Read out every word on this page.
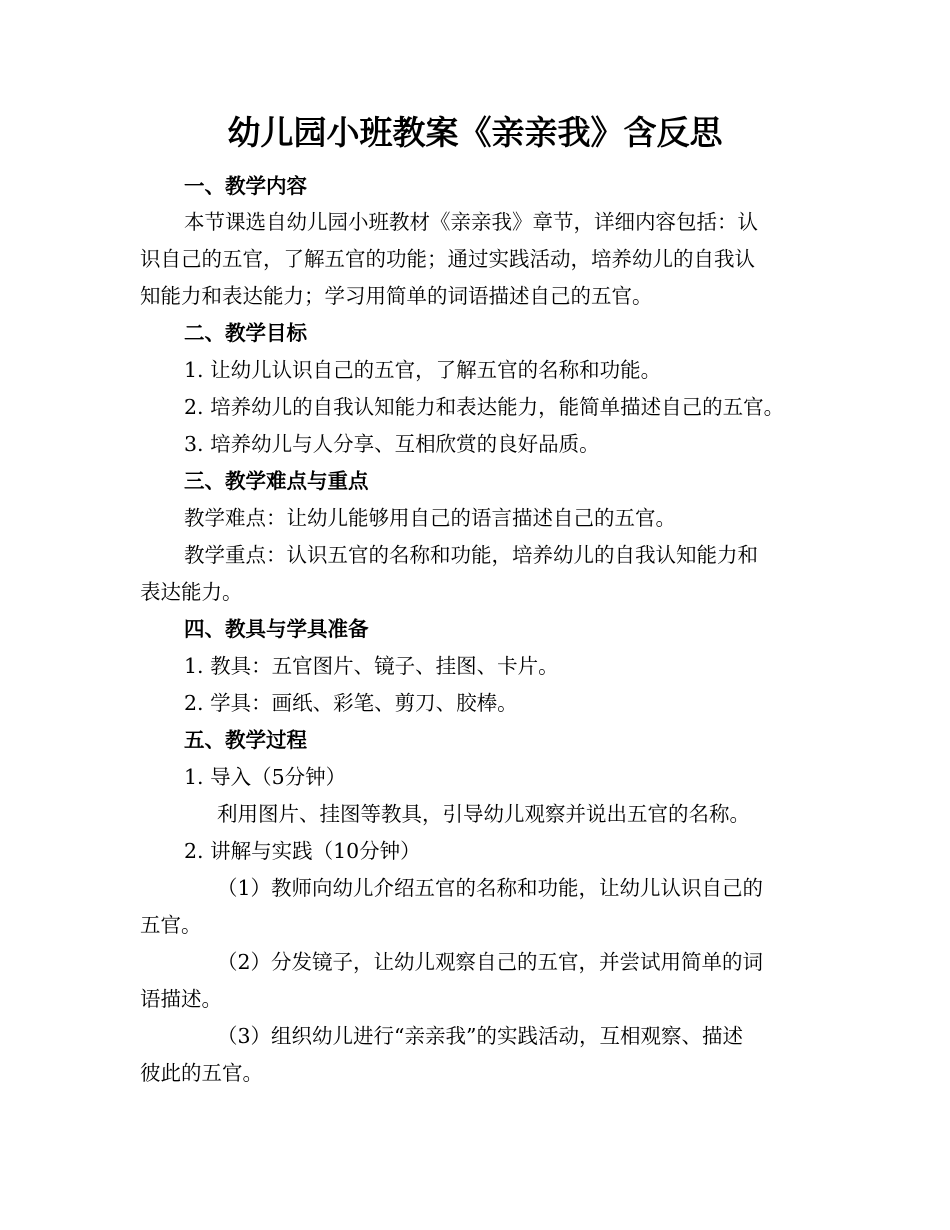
幼儿园小班教案《亲亲我》含反思
一、教学内容
本节课选自幼儿园小班教材《亲亲我》章节，详细内容包括：认
识自己的五官，了解五官的功能；通过实践活动，培养幼儿的自我认
知能力和表达能力；学习用简单的词语描述自己的五官。
二、教学目标
1. 让幼儿认识自己的五官，了解五官的名称和功能。
2. 培养幼儿的自我认知能力和表达能力，能简单描述自己的五官。
3. 培养幼儿与人分享、互相欣赏的良好品质。
三、教学难点与重点
教学难点：让幼儿能够用自己的语言描述自己的五官。
教学重点：认识五官的名称和功能，培养幼儿的自我认知能力和
表达能力。
四、教具与学具准备
1. 教具：五官图片、镜子、挂图、卡片。
2. 学具：画纸、彩笔、剪刀、胶棒。
五、教学过程
1. 导入（5分钟）
利用图片、挂图等教具，引导幼儿观察并说出五官的名称。
2. 讲解与实践（10分钟）
（1）教师向幼儿介绍五官的名称和功能，让幼儿认识自己的
五官。
（2）分发镜子，让幼儿观察自己的五官，并尝试用简单的词
语描述。
（3）组织幼儿进行“亲亲我”的实践活动，互相观察、描述
彼此的五官。
